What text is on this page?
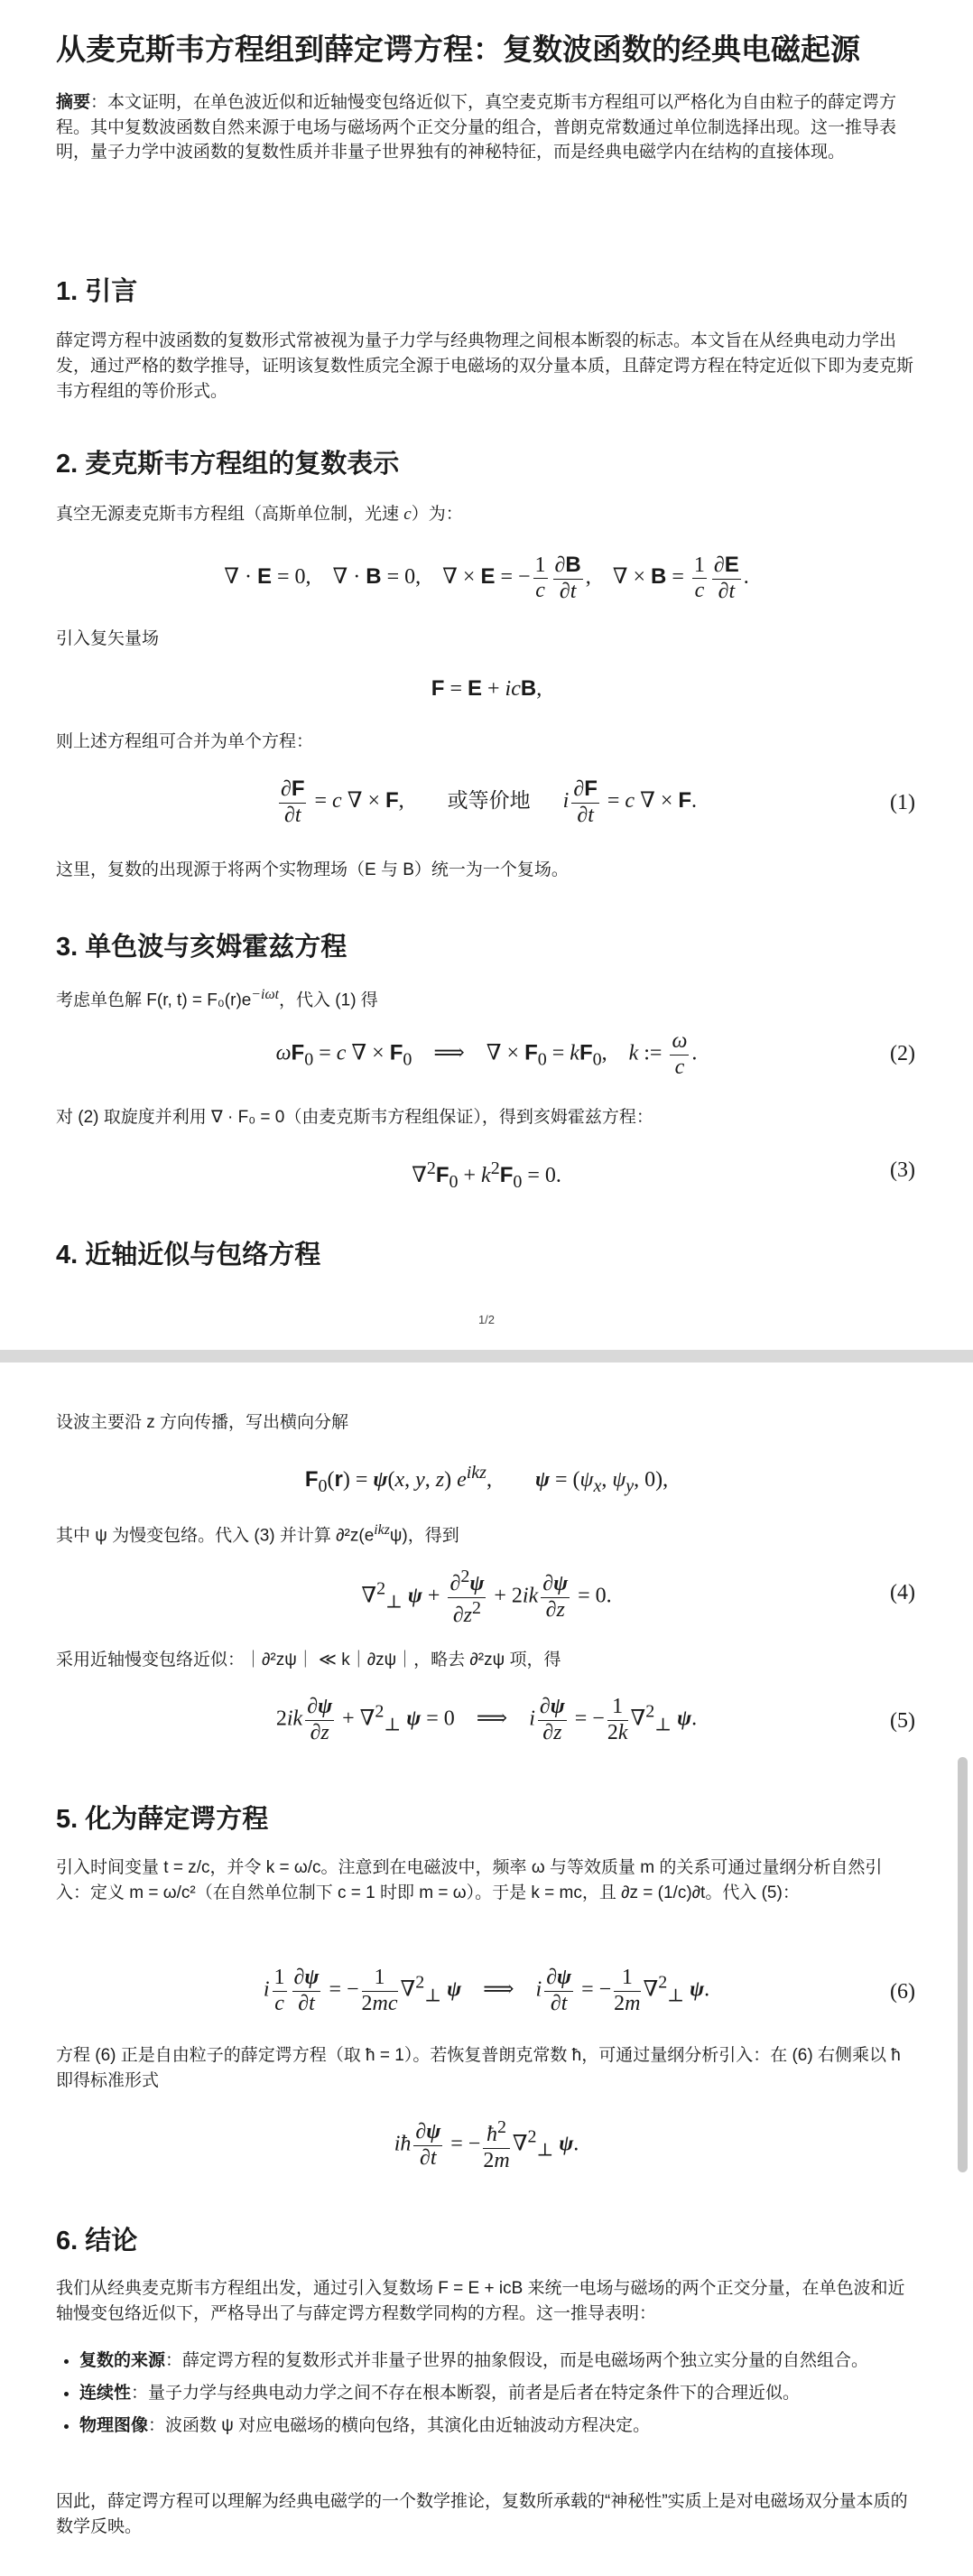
从麦克斯韦方程组到薛定谔方程：复数波函数的经典电磁起源
摘要：本文证明，在单色波近似和近轴慢变包络近似下，真空麦克斯韦方程组可以严格化为自由粒子的薛定谔方程。其中复数波函数自然来源于电场与磁场两个正交分量的组合，普朗克常数通过单位制选择出现。这一推导表明，量子力学中波函数的复数性质并非量子世界独有的神秘特征，而是经典电磁学内在结构的直接体现。
1. 引言

薛定谔方程中波函数的复数形式常被视为量子力学与经典物理之间根本断裂的标志。本文旨在从经典电动力学出发，通过严格的数学推导，证明该复数性质完全源于电磁场的双分量本质，且薛定谔方程在特定近似下即为麦克斯韦方程组的等价形式。

2. 麦克斯韦方程组的复数表示

真空无源麦克斯韦方程组（高斯单位制，光速 c）为：

∇ · E = 0,    ∇ · B = 0,    ∇ × E = − $\frac{1}{c} \frac{\partial B}{\partial t}$ ,    ∇ × $B = \frac{1}{c} \frac{\partial E}{\partial t}$ .

引入复矢量场

F = E + icB,

则上述方程组可合并为单个方程：

$\frac{\partial F}{\partial t} = c$ ∇ × F,        或等价地 i $\frac{\partial F}{\partial t} = c$ ∇ × F.	(1)

这里，复数的出现源于将两个实物理场（E 与 B）统一为一个复场。

3. 单色波与亥姆霍兹方程

考虑单色解 F(r, $t) = F_0(r)e^{-i\omega t}$，代入 (1) 得

$\omega F_0 = c$ ∇ × $F_0$    ⟹    ∇ × $F_0 = kF_0$,    k := $\frac{\omega}{c}$ .	(2)

对 (2) 取旋度并利用 ∇ · F₀ = 0（由麦克斯韦方程组保证），得到亥姆霍兹方程：

$\nabla^2F_0 + k^2F_0 = 0$.	(3)
4. 近轴近似与包络方程
1/2

设波主要沿 z 方向传播，写出横向分解

$F_0(r) = \psi(x$, y, z) $e^{ikz}$,        $\psi = (\psi_x$, $\psi_y$, 0),

其中 ψ 为慢变包络。代入 (3) 并计算 $\partial^2z(e^{ikz}\psi)$，得到

∇$^2_\perp$ $\psi + \frac{\partial^2\psi}{\partial z^2} + 2ik \frac{\partial\psi}{\partial z} = 0$.	(4)

采用近轴慢变包络近似：｜∂²zψ｜ ≪ k｜∂zψ｜，略去 ∂²zψ 项，得

$2ik \frac{\partial\psi}{\partial z} + \nabla^2_\perp$ ψ = 0    ⟹    i $\frac{\partial\psi}{\partial z}$ = − $\frac{1}{2k} \nabla^2_\perp$ ψ.	(5)
5. 化为薛定谔方程

引入时间变量 t = z/c，并令 k = ω/c。注意到在电磁波中，频率 ω 与等效质量 m 的关系可通过量纲分析自然引入：定义 m = ω/c²（在自然单位制下 c = 1 时即 m = ω）。于是 k = mc，且 ∂z = (1/c)∂t。代入 (5)：

i $\frac{1}{c} \frac{\partial\psi}{\partial t}$ = − $\frac{1}{2mc} \nabla^2_\perp$ ψ    ⟹    i $\frac{\partial\psi}{\partial t}$ = − $\frac{1}{2m} \nabla^2_\perp$ ψ.	(6)

方程 (6) 正是自由粒子的薛定谔方程（取 ħ = 1）。若恢复普朗克常数 ħ，可通过量纲分析引入：在 (6) 右侧乘以 ħ 即得标准形式

iħ $\frac{\partial\psi}{\partial t}$ = − $\frac{ħ^2}{2m} \nabla^2_\perp$ ψ.
6. 结论

我们从经典麦克斯韦方程组出发，通过引入复数场 F = E + icB 来统一电场与磁场的两个正交分量，在单色波和近轴慢变包络近似下，严格导出了与薛定谔方程数学同构的方程。这一推导表明：

• 复数的来源：薛定谔方程的复数形式并非量子世界的抽象假设，而是电磁场两个独立实分量的自然组合。
• 连续性：量子力学与经典电动力学之间不存在根本断裂，前者是后者在特定条件下的合理近似。
• 物理图像：波函数 ψ 对应电磁场的横向包络，其演化由近轴波动方程决定。

因此，薛定谔方程可以理解为经典电磁学的一个数学推论，复数所承载的“神秘性”实质上是对电磁场双分量本质的数学反映。
